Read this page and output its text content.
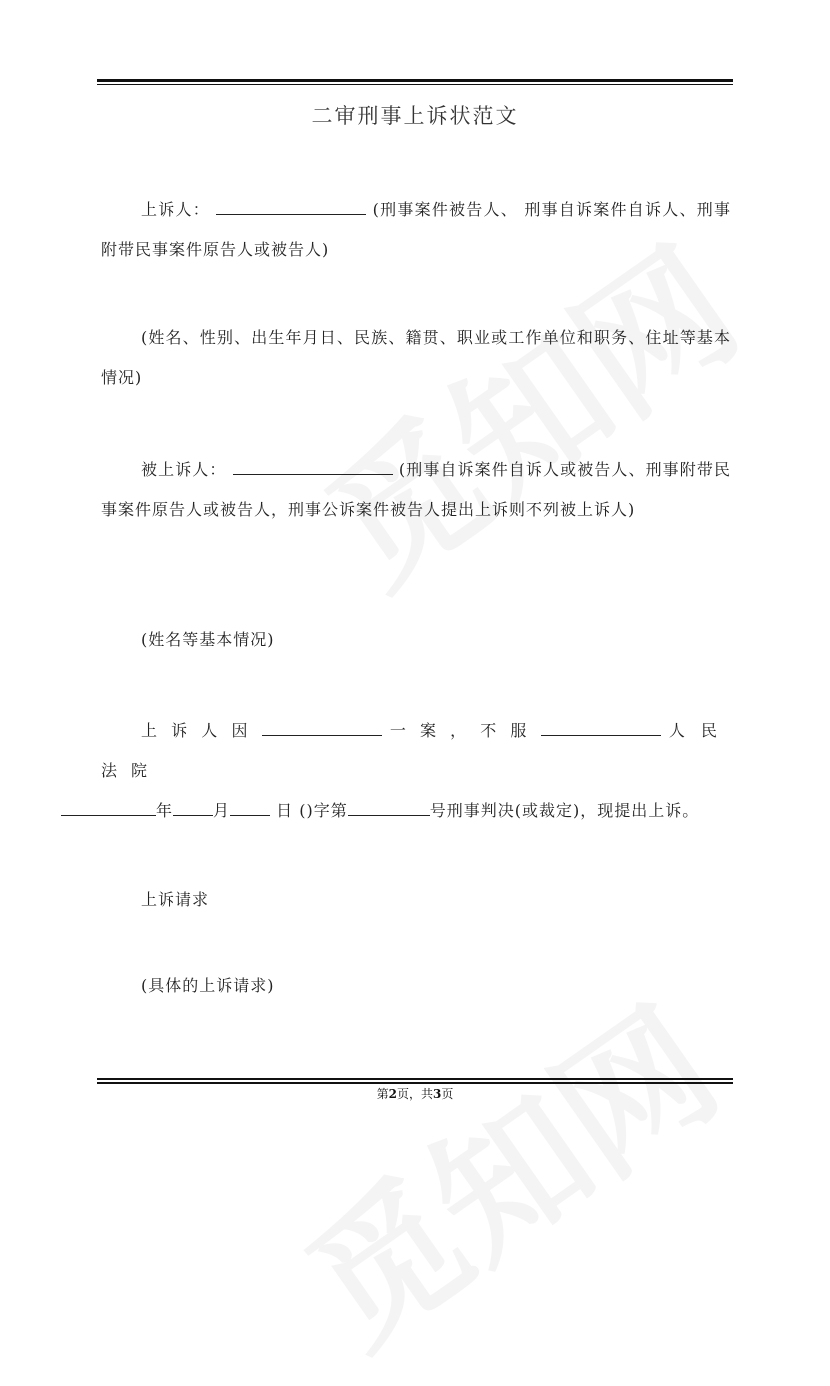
二审刑事上诉状范文
上诉人：	(刑事案件被告人、 刑事自诉案件自诉人、刑事附带民事案件原告人或被告人)
(姓名、性别、出生年月日、民族、籍贯、职业或工作单位和职务、住址等基本情况)
被上诉人：	(刑事自诉案件自诉人或被告人、刑事附带民事案件原告人或被告人，刑事公诉案件被告人提出上诉则不列被上诉人)
(姓名等基本情况)
上诉人因	一案，不服	人民法院
年	月	日 ()字第	号刑事判决(或裁定)，现提出上诉。
上诉请求
(具体的上诉请求)
第2页，共3页
